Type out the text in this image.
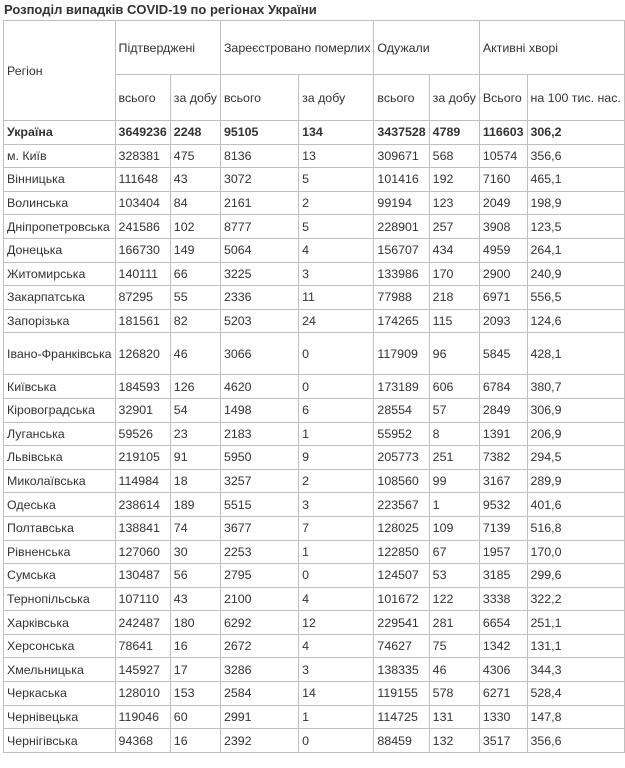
Розподіл випадків COVID-19 по регіонах України
Регіон	Підтверджені		Зареєстровано померлих		Одужали		Активні хворі	
	всього	за добу	всього	за добу	всього	за добу	Всього	на 100 тис. нас.
Україна	3649236	2248	95105	134	3437528	4789	116603	306,2
м. Київ	328381	475	8136	13	309671	568	10574	356,6
Вінницька	111648	43	3072	5	101416	192	7160	465,1
Волинська	103404	84	2161	2	99194	123	2049	198,9
Дніпропетровська	241586	102	8777	5	228901	257	3908	123,5
Донецька	166730	149	5064	4	156707	434	4959	264,1
Житомирська	140111	66	3225	3	133986	170	2900	240,9
Закарпатська	87295	55	2336	11	77988	218	6971	556,5
Запорізька	181561	82	5203	24	174265	115	2093	124,6
Івано-Франківська	126820	46	3066	0	117909	96	5845	428,1
Київська	184593	126	4620	0	173189	606	6784	380,7
Кіровоградська	32901	54	1498	6	28554	57	2849	306,9
Луганська	59526	23	2183	1	55952	8	1391	206,9
Львівська	219105	91	5950	9	205773	251	7382	294,5
Миколаївська	114984	18	3257	2	108560	99	3167	289,9
Одеська	238614	189	5515	3	223567	1	9532	401,6
Полтавська	138841	74	3677	7	128025	109	7139	516,8
Рівненська	127060	30	2253	1	122850	67	1957	170,0
Сумська	130487	56	2795	0	124507	53	3185	299,6
Тернопільська	107110	43	2100	4	101672	122	3338	322,2
Харківська	242487	180	6292	12	229541	281	6654	251,1
Херсонська	78641	16	2672	4	74627	75	1342	131,1
Хмельницька	145927	17	3286	3	138335	46	4306	344,3
Черкаська	128010	153	2584	14	119155	578	6271	528,4
Чернівецька	119046	60	2991	1	114725	131	1330	147,8
Чернігівська	94368	16	2392	0	88459	132	3517	356,6
